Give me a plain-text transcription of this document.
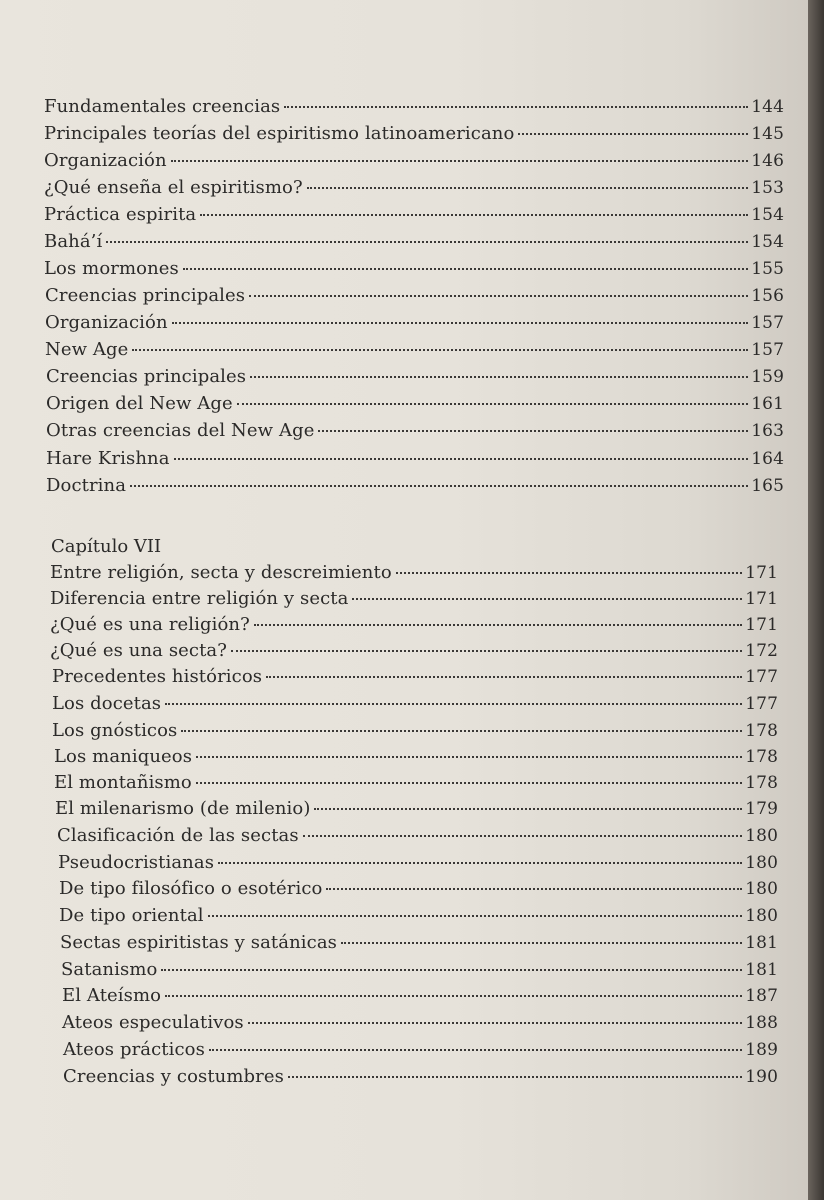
Fundamentales creencias	144
Principales teorías del espiritismo latinoamericano	145
Organización	146
¿Qué enseña el espiritismo?	153
Práctica espirita	154
Bahá’í	154
Los mormones	155
Creencias principales	156
Organización	157
New Age	157
Creencias principales	159
Origen del New Age	161
Otras creencias del New Age	163
Hare Krishna	164
Doctrina	165
Capítulo VII
Entre religión, secta y descreimiento	171
Diferencia entre religión y secta	171
¿Qué es una religión?	171
¿Qué es una secta?	172
Precedentes históricos	177
Los docetas	177
Los gnósticos	178
Los maniqueos	178
El montañismo	178
El milenarismo (de milenio)	179
Clasificación de las sectas	180
Pseudocristianas	180
De tipo filosófico o esotérico	180
De tipo oriental	180
Sectas espiritistas y satánicas	181
Satanismo	181
El Ateísmo	187
Ateos especulativos	188
Ateos prácticos	189
Creencias y costumbres	190
